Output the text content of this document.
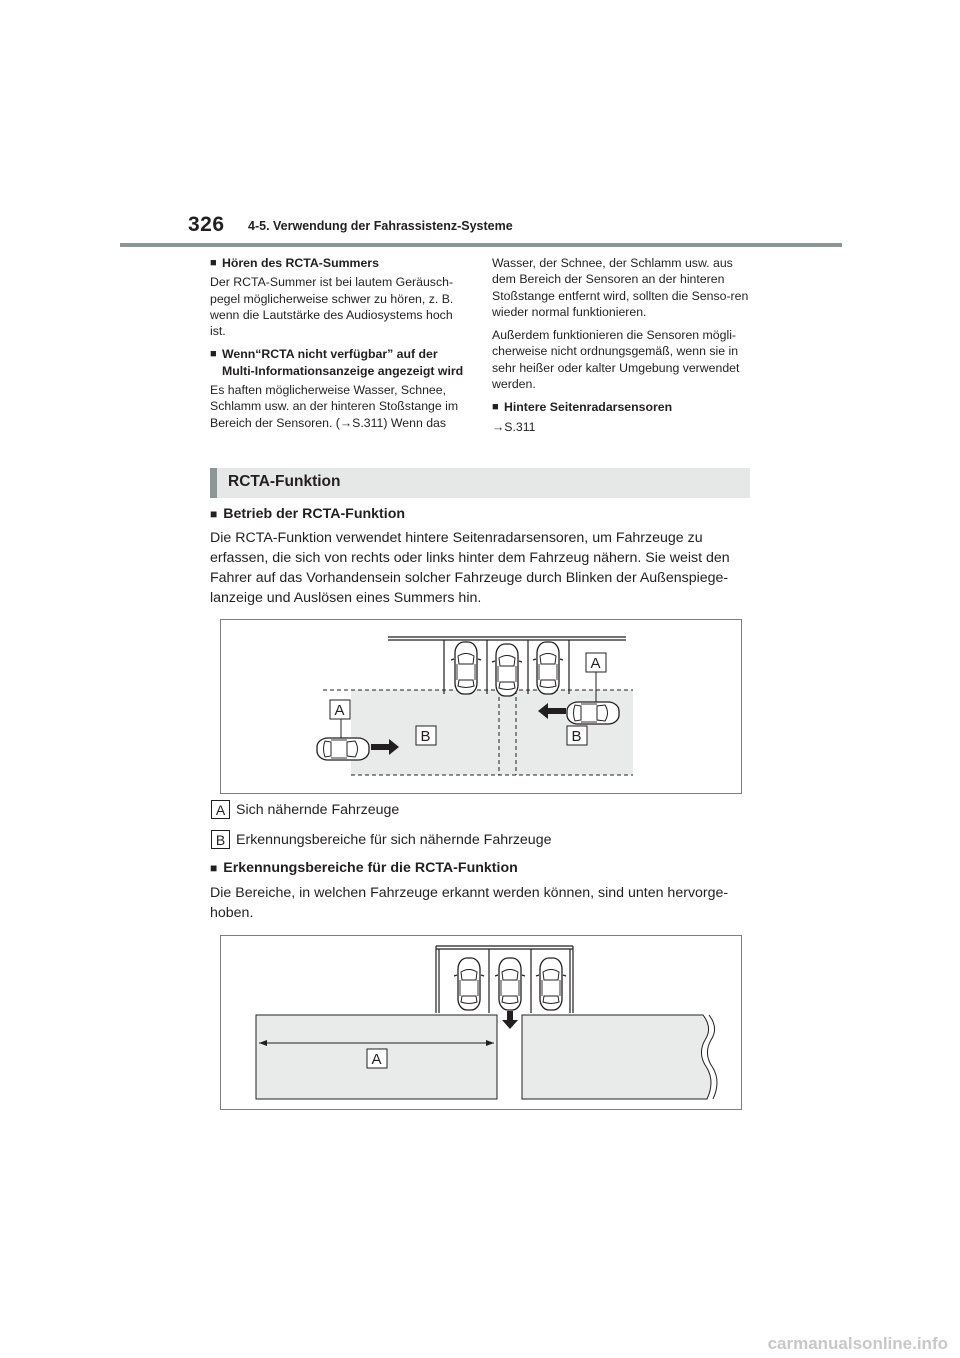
326 4-5. Verwendung der Fahrassistenz-Systeme
■ Hören des RCTA-Summers

Der RCTA-Summer ist bei lautem Geräusch-pegel möglicherweise schwer zu hören, z. B. wenn die Lautstärke des Audiosystems hoch ist.

■ Wenn“RCTA nicht verfügbar” auf der Multi-Informationsanzeige angezeigt wird

Es haften möglicherweise Wasser, Schnee, Schlamm usw. an der hinteren Stoßstange im Bereich der Sensoren. (→S.311) Wenn das

Wasser, der Schnee, der Schlamm usw. aus dem Bereich der Sensoren an der hinteren Stoßstange entfernt wird, sollten die Senso-ren wieder normal funktionieren.

Außerdem funktionieren die Sensoren mögli-cherweise nicht ordnungsgemäß, wenn sie in sehr heißer oder kalter Umgebung verwendet werden.

■ Hintere Seitenradarsensoren

→S.311

RCTA-Funktion
■ Betrieb der RCTA-Funktion
Die RCTA-Funktion verwendet hintere Seitenradarsensoren, um Fahrzeuge zu erfassen, die sich von rechts oder links hinter dem Fahrzeug nähern. Sie weist den Fahrer auf das Vorhandensein solcher Fahrzeuge durch Blinken der Außenspiege-lanzeige und Auslösen eines Summers hin.
A
A
B	B
A Sich nähernde Fahrzeuge
B Erkennungsbereiche für sich nähernde Fahrzeuge
■ Erkennungsbereiche für die RCTA-Funktion
Die Bereiche, in welchen Fahrzeuge erkannt werden können, sind unten hervorge-hoben.
A
carmanualsonline.info
